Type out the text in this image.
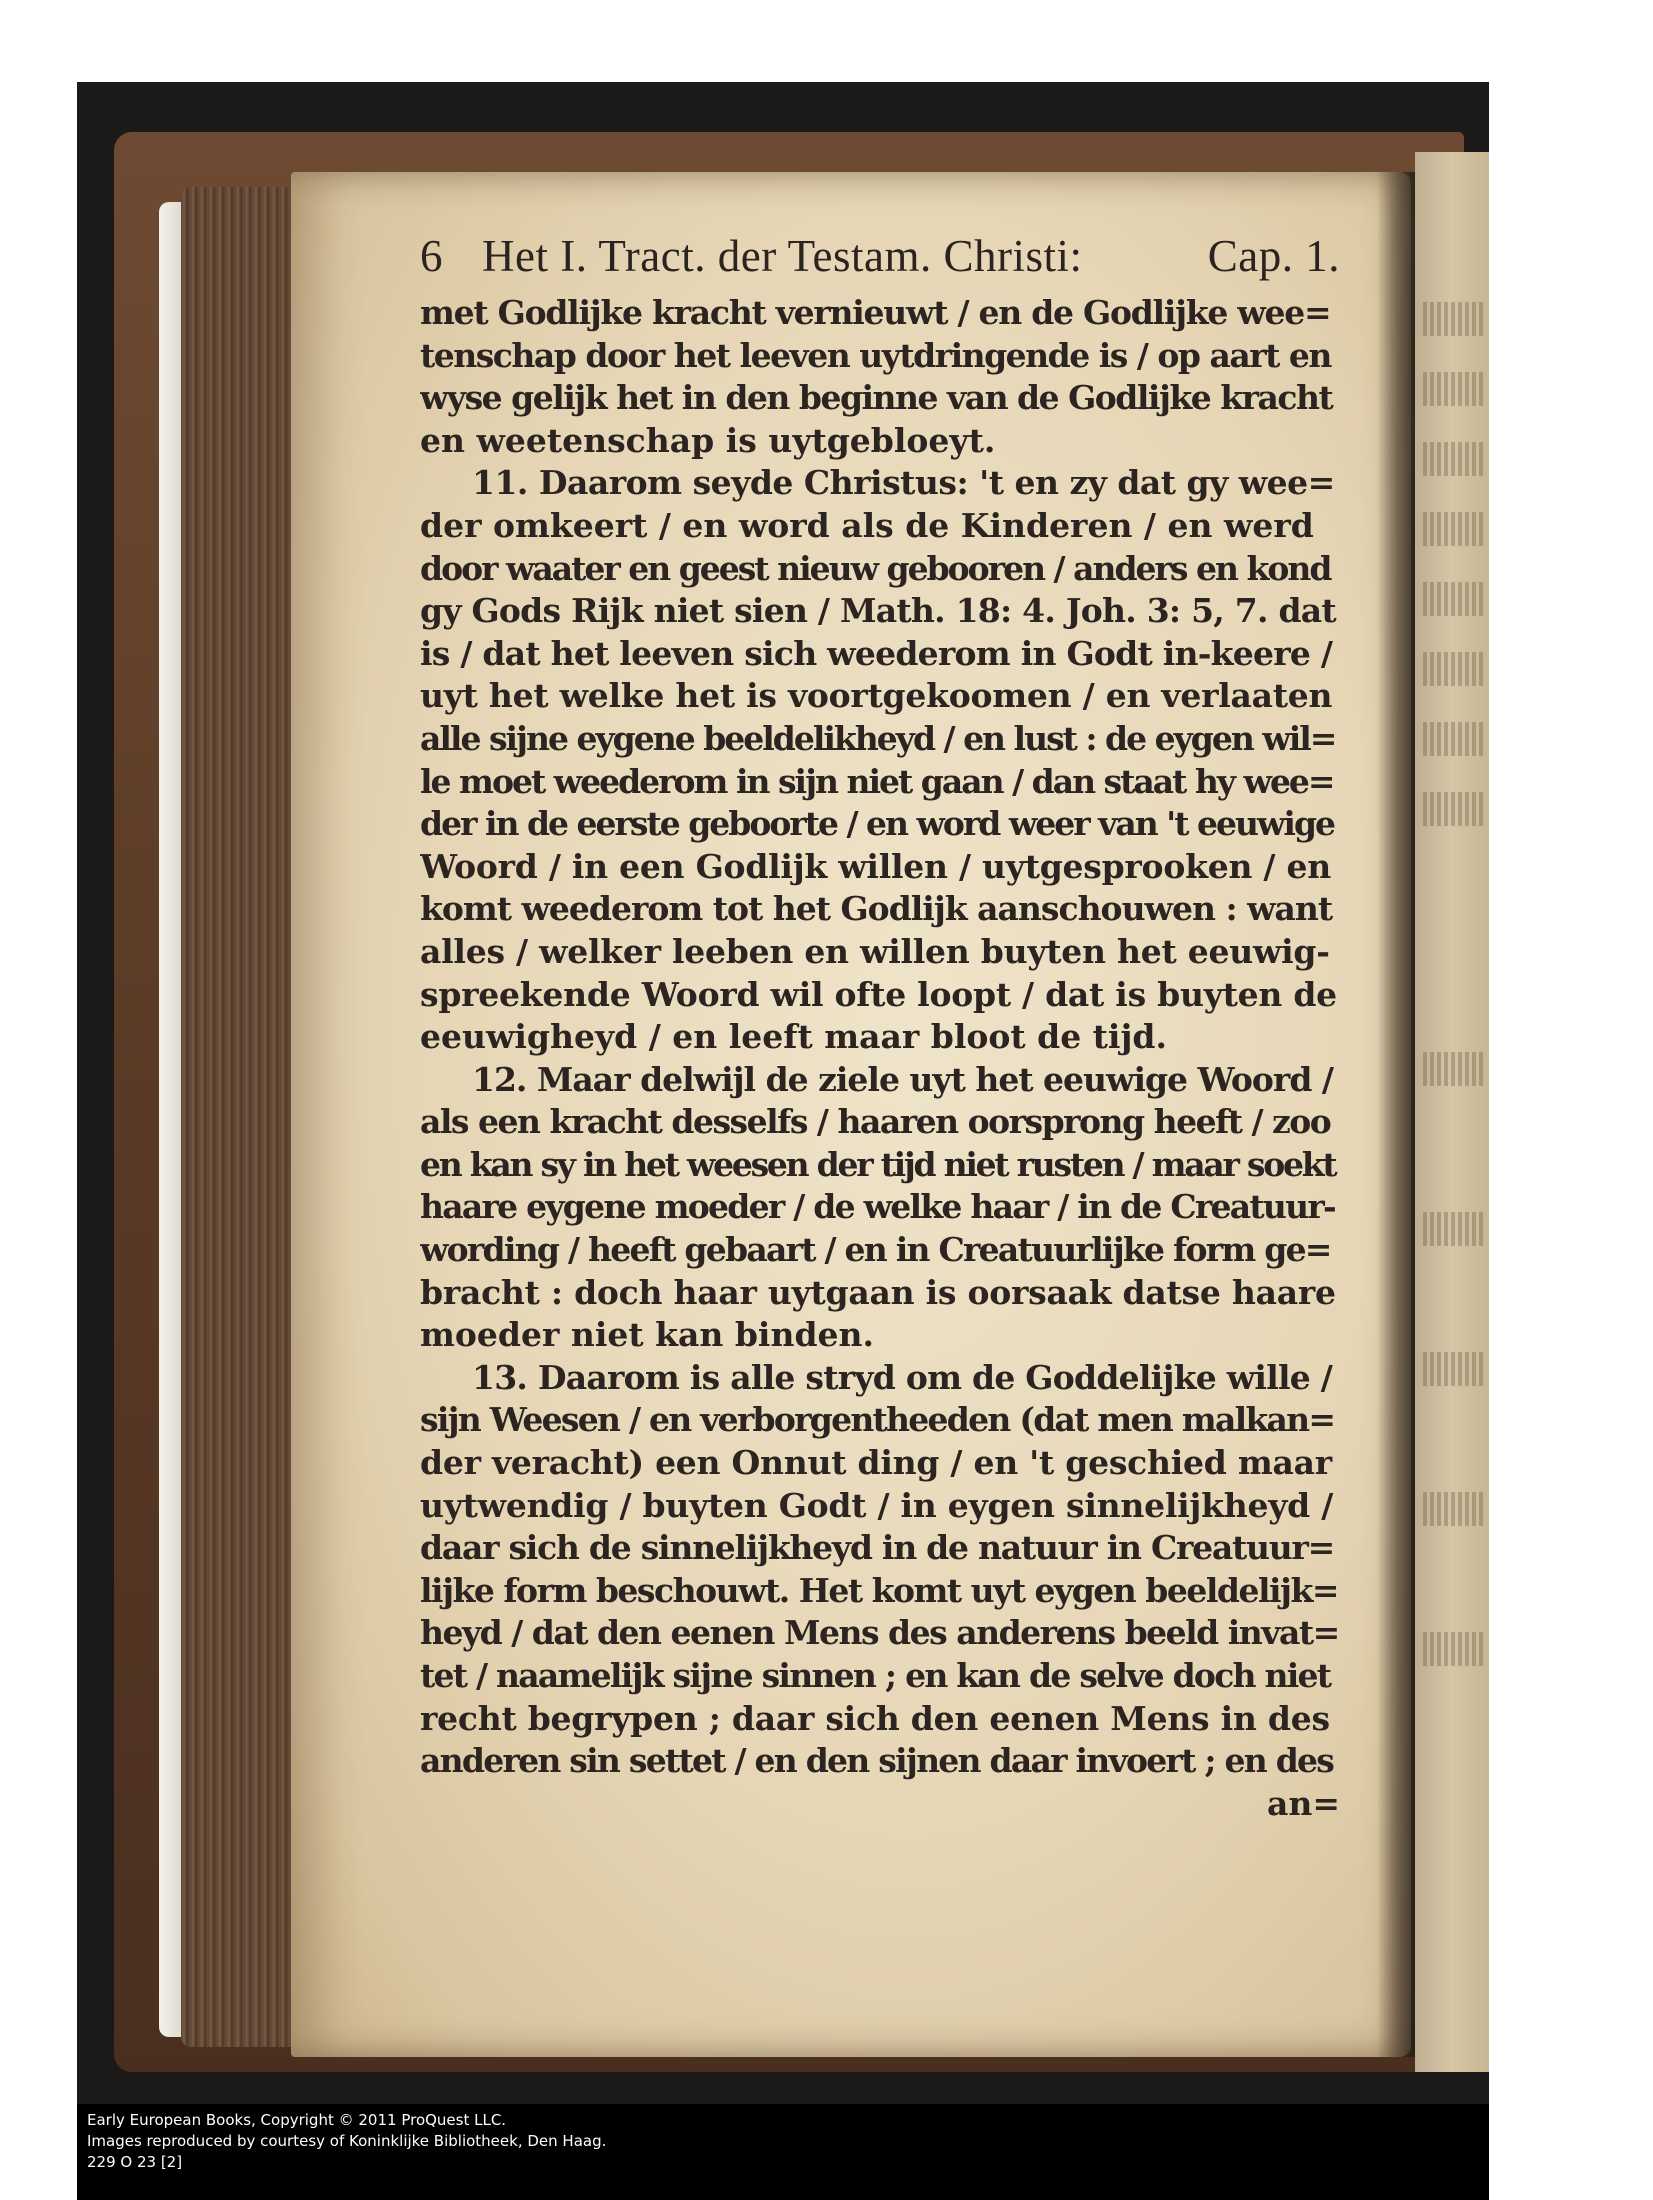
6 Het I. Tract. der Testam. Christi:	Cap. 1.
met Godlijke kracht vernieuwt / en de Godlijke wee=
tenschap door het leeven uytdringende is / op aart en
wyse gelijk het in den beginne van de Godlijke kracht
en weetenschap is uytgebloeyt.
11. Daarom seyde Christus: 't en zy dat gy wee=
der omkeert / en word als de Kinderen / en werd
door waater en geest nieuw gebooren / anders en kond
gy Gods Rijk niet sien / Math. 18: 4. Joh. 3: 5, 7. dat
is / dat het leeven sich weederom in Godt in-keere /
uyt het welke het is voortgekoomen / en verlaaten
alle sijne eygene beeldelikheyd / en lust : de eygen wil=
le moet weederom in sijn niet gaan / dan staat hy wee=
der in de eerste geboorte / en word weer van 't eeuwige
Woord / in een Godlijk willen / uytgesprooken / en
komt weederom tot het Godlijk aanschouwen : want
alles / welker leeben en willen buyten het eeuwig-
spreekende Woord wil ofte loopt / dat is buyten de
eeuwigheyd / en leeft maar bloot de tijd.
12. Maar delwijl de ziele uyt het eeuwige Woord /
als een kracht desselfs / haaren oorsprong heeft / zoo
en kan sy in het weesen der tijd niet rusten / maar soekt
haare eygene moeder / de welke haar / in de Creatuur-
wording / heeft gebaart / en in Creatuurlijke form ge=
bracht : doch haar uytgaan is oorsaak datse haare
moeder niet kan binden.
13. Daarom is alle stryd om de Goddelijke wille /
sijn Weesen / en verborgentheeden (dat men malkan=
der veracht) een Onnut ding / en 't geschied maar
uytwendig / buyten Godt / in eygen sinnelijkheyd /
daar sich de sinnelijkheyd in de natuur in Creatuur=
lijke form beschouwt. Het komt uyt eygen beeldelijk=
heyd / dat den eenen Mens des anderens beeld invat=
tet / naamelijk sijne sinnen ; en kan de selve doch niet
recht begrypen ; daar sich den eenen Mens in des
anderen sin settet / en den sijnen daar invoert ; en des
an=
Early European Books, Copyright © 2011 ProQuest LLC.
Images reproduced by courtesy of Koninklijke Bibliotheek, Den Haag.
229 O 23 [2]
